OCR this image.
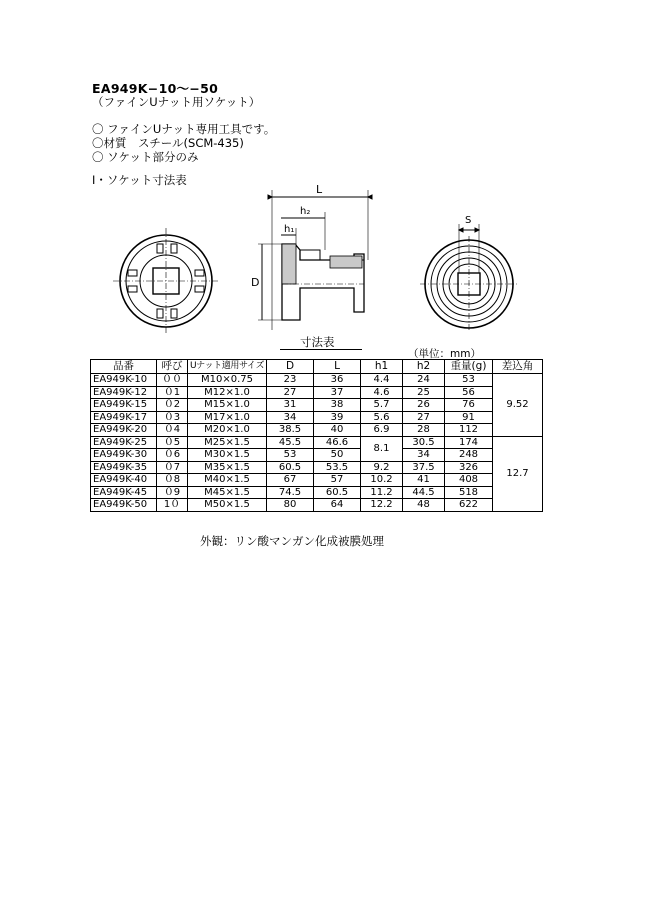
EA949K−10〜−50
（ファインUナット用ソケット）
〇 ファインUナット専用工具です。
〇材質　スチール(SCM-435)
〇 ソケット部分のみ
Ⅰ・ソケット寸法表
L
h₂
h₁
D
S
寸法表
（単位：mm）
品番	呼び	Uナット適用サイズ	D	L	h1	h2	重量(g)	差込角
EA949K-10	００	M10×0.75	23	36	4.4	24	53	9.52
EA949K-12	０1	M12×1.0	27	37	4.6	25	56	
EA949K-15	０2	M15×1.0	31	38	5.7	26	76	
EA949K-17	０3	M17×1.0	34	39	5.6	27	91	
EA949K-20	０4	M20×1.0	38.5	40	6.9	28	112	
EA949K-25	０5	M25×1.5	45.5	46.6	8.1	30.5	174	12.7
EA949K-30	０6	M30×1.5	53	50		34	248	
EA949K-35	０7	M35×1.5	60.5	53.5	9.2	37.5	326	
EA949K-40	０8	M40×1.5	67	57	10.2	41	408	
EA949K-45	０9	M45×1.5	74.5	60.5	11.2	44.5	518	
EA949K-50	1０	M50×1.5	80	64	12.2	48	622	
外観：リン酸マンガン化成被膜処理
